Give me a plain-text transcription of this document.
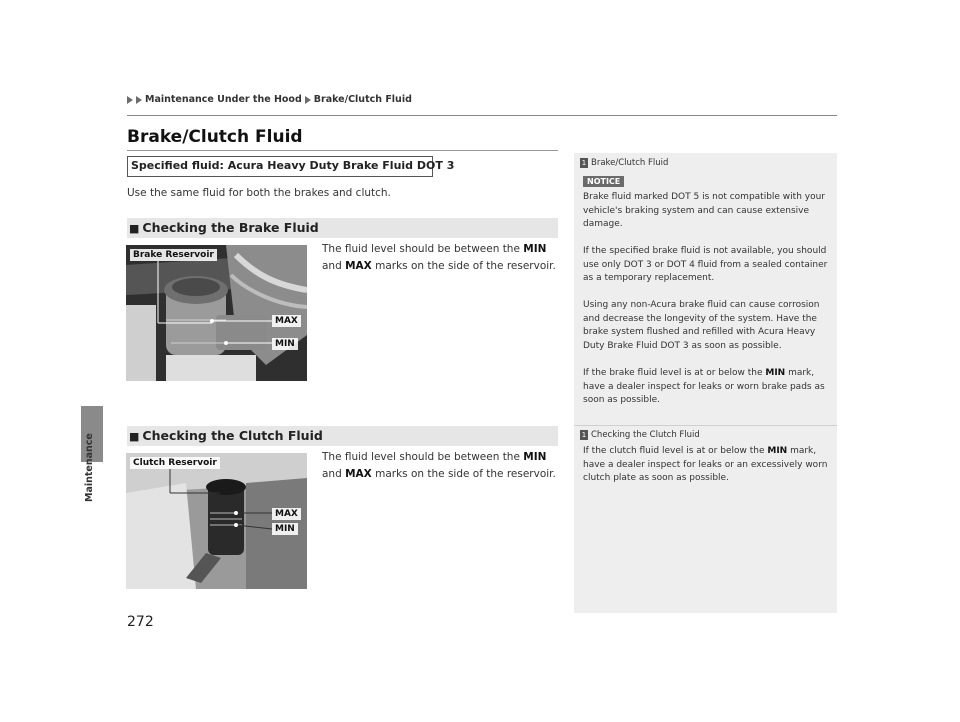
Maintenance
Maintenance Under the Hood Brake/Clutch Fluid
Brake/Clutch Fluid
Specified fluid: Acura Heavy Duty Brake Fluid DOT 3
Use the same fluid for both the brakes and clutch.
■ Checking the Brake Fluid
The fluid level should be between the MIN
and MAX marks on the side of the reservoir.
Brake Reservoir
MAX
MIN
■ Checking the Clutch Fluid
The fluid level should be between the MIN
and MAX marks on the side of the reservoir.
Clutch Reservoir
MAX
MIN
1 Brake/Clutch Fluid
NOTICE
Brake fluid marked DOT 5 is not compatible with your vehicle's braking system and can cause extensive damage.
If the specified brake fluid is not available, you should use only DOT 3 or DOT 4 fluid from a sealed container as a temporary replacement.
Using any non-Acura brake fluid can cause corrosion and decrease the longevity of the system. Have the brake system flushed and refilled with Acura Heavy Duty Brake Fluid DOT 3 as soon as possible.
If the brake fluid level is at or below the MIN mark, have a dealer inspect for leaks or worn brake pads as soon as possible.
1 Checking the Clutch Fluid
If the clutch fluid level is at or below the MIN mark, have a dealer inspect for leaks or an excessively worn clutch plate as soon as possible.
272
